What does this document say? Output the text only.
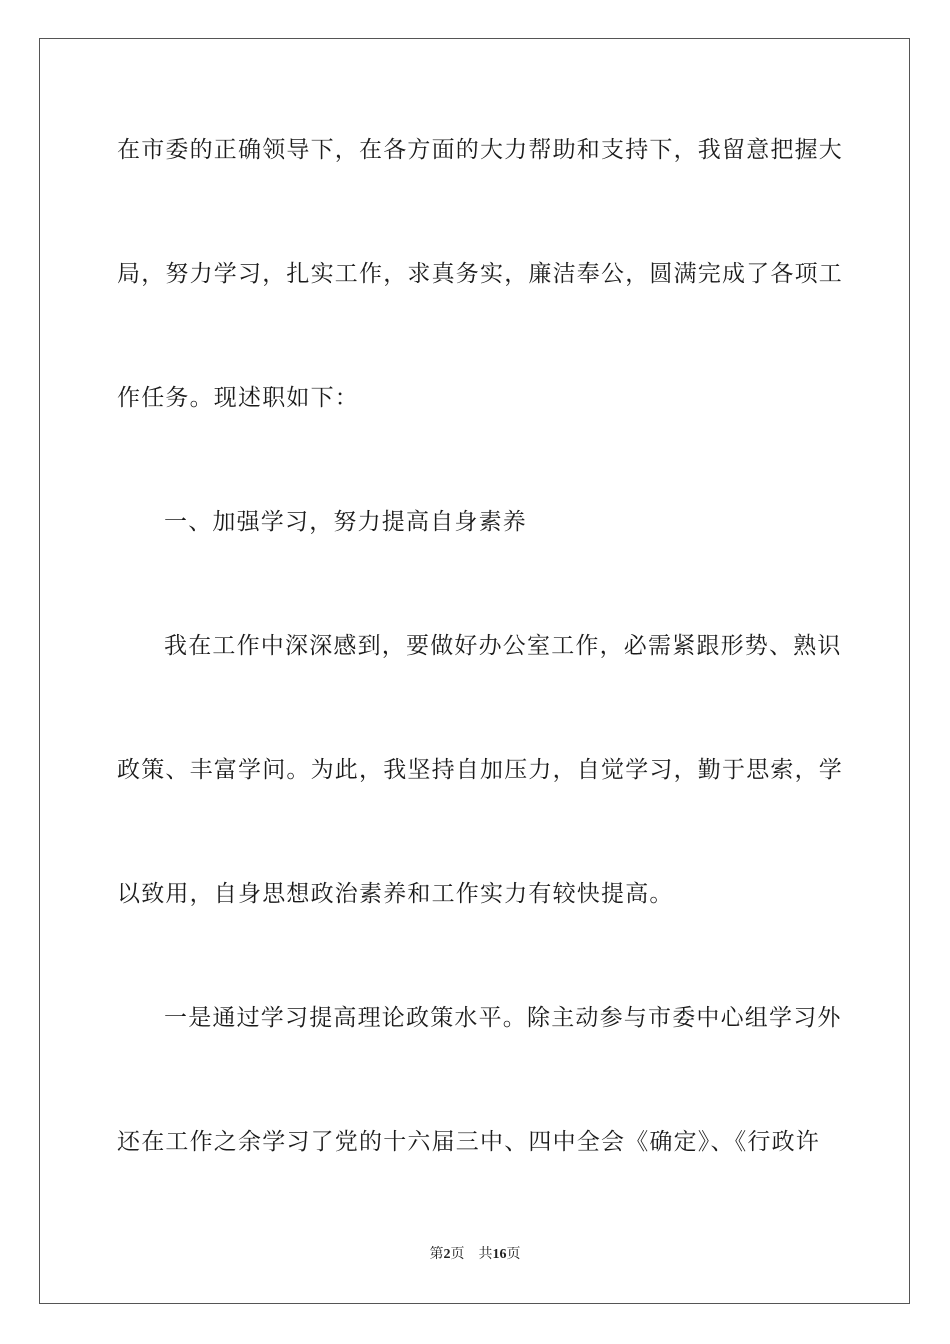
在市委的正确领导下，在各方面的大力帮助和支持下，我留意把握大
局，努力学习，扎实工作，求真务实，廉洁奉公，圆满完成了各项工
作任务。现述职如下：
一、加强学习，努力提高自身素养
我在工作中深深感到，要做好办公室工作，必需紧跟形势、熟识
政策、丰富学问。为此，我坚持自加压力，自觉学习，勤于思索，学
以致用，自身思想政治素养和工作实力有较快提高。
一是通过学习提高理论政策水平。除主动参与市委中心组学习外
还在工作之余学习了党的十六届三中、四中全会《确定》、《行政许
第2页 共16页
